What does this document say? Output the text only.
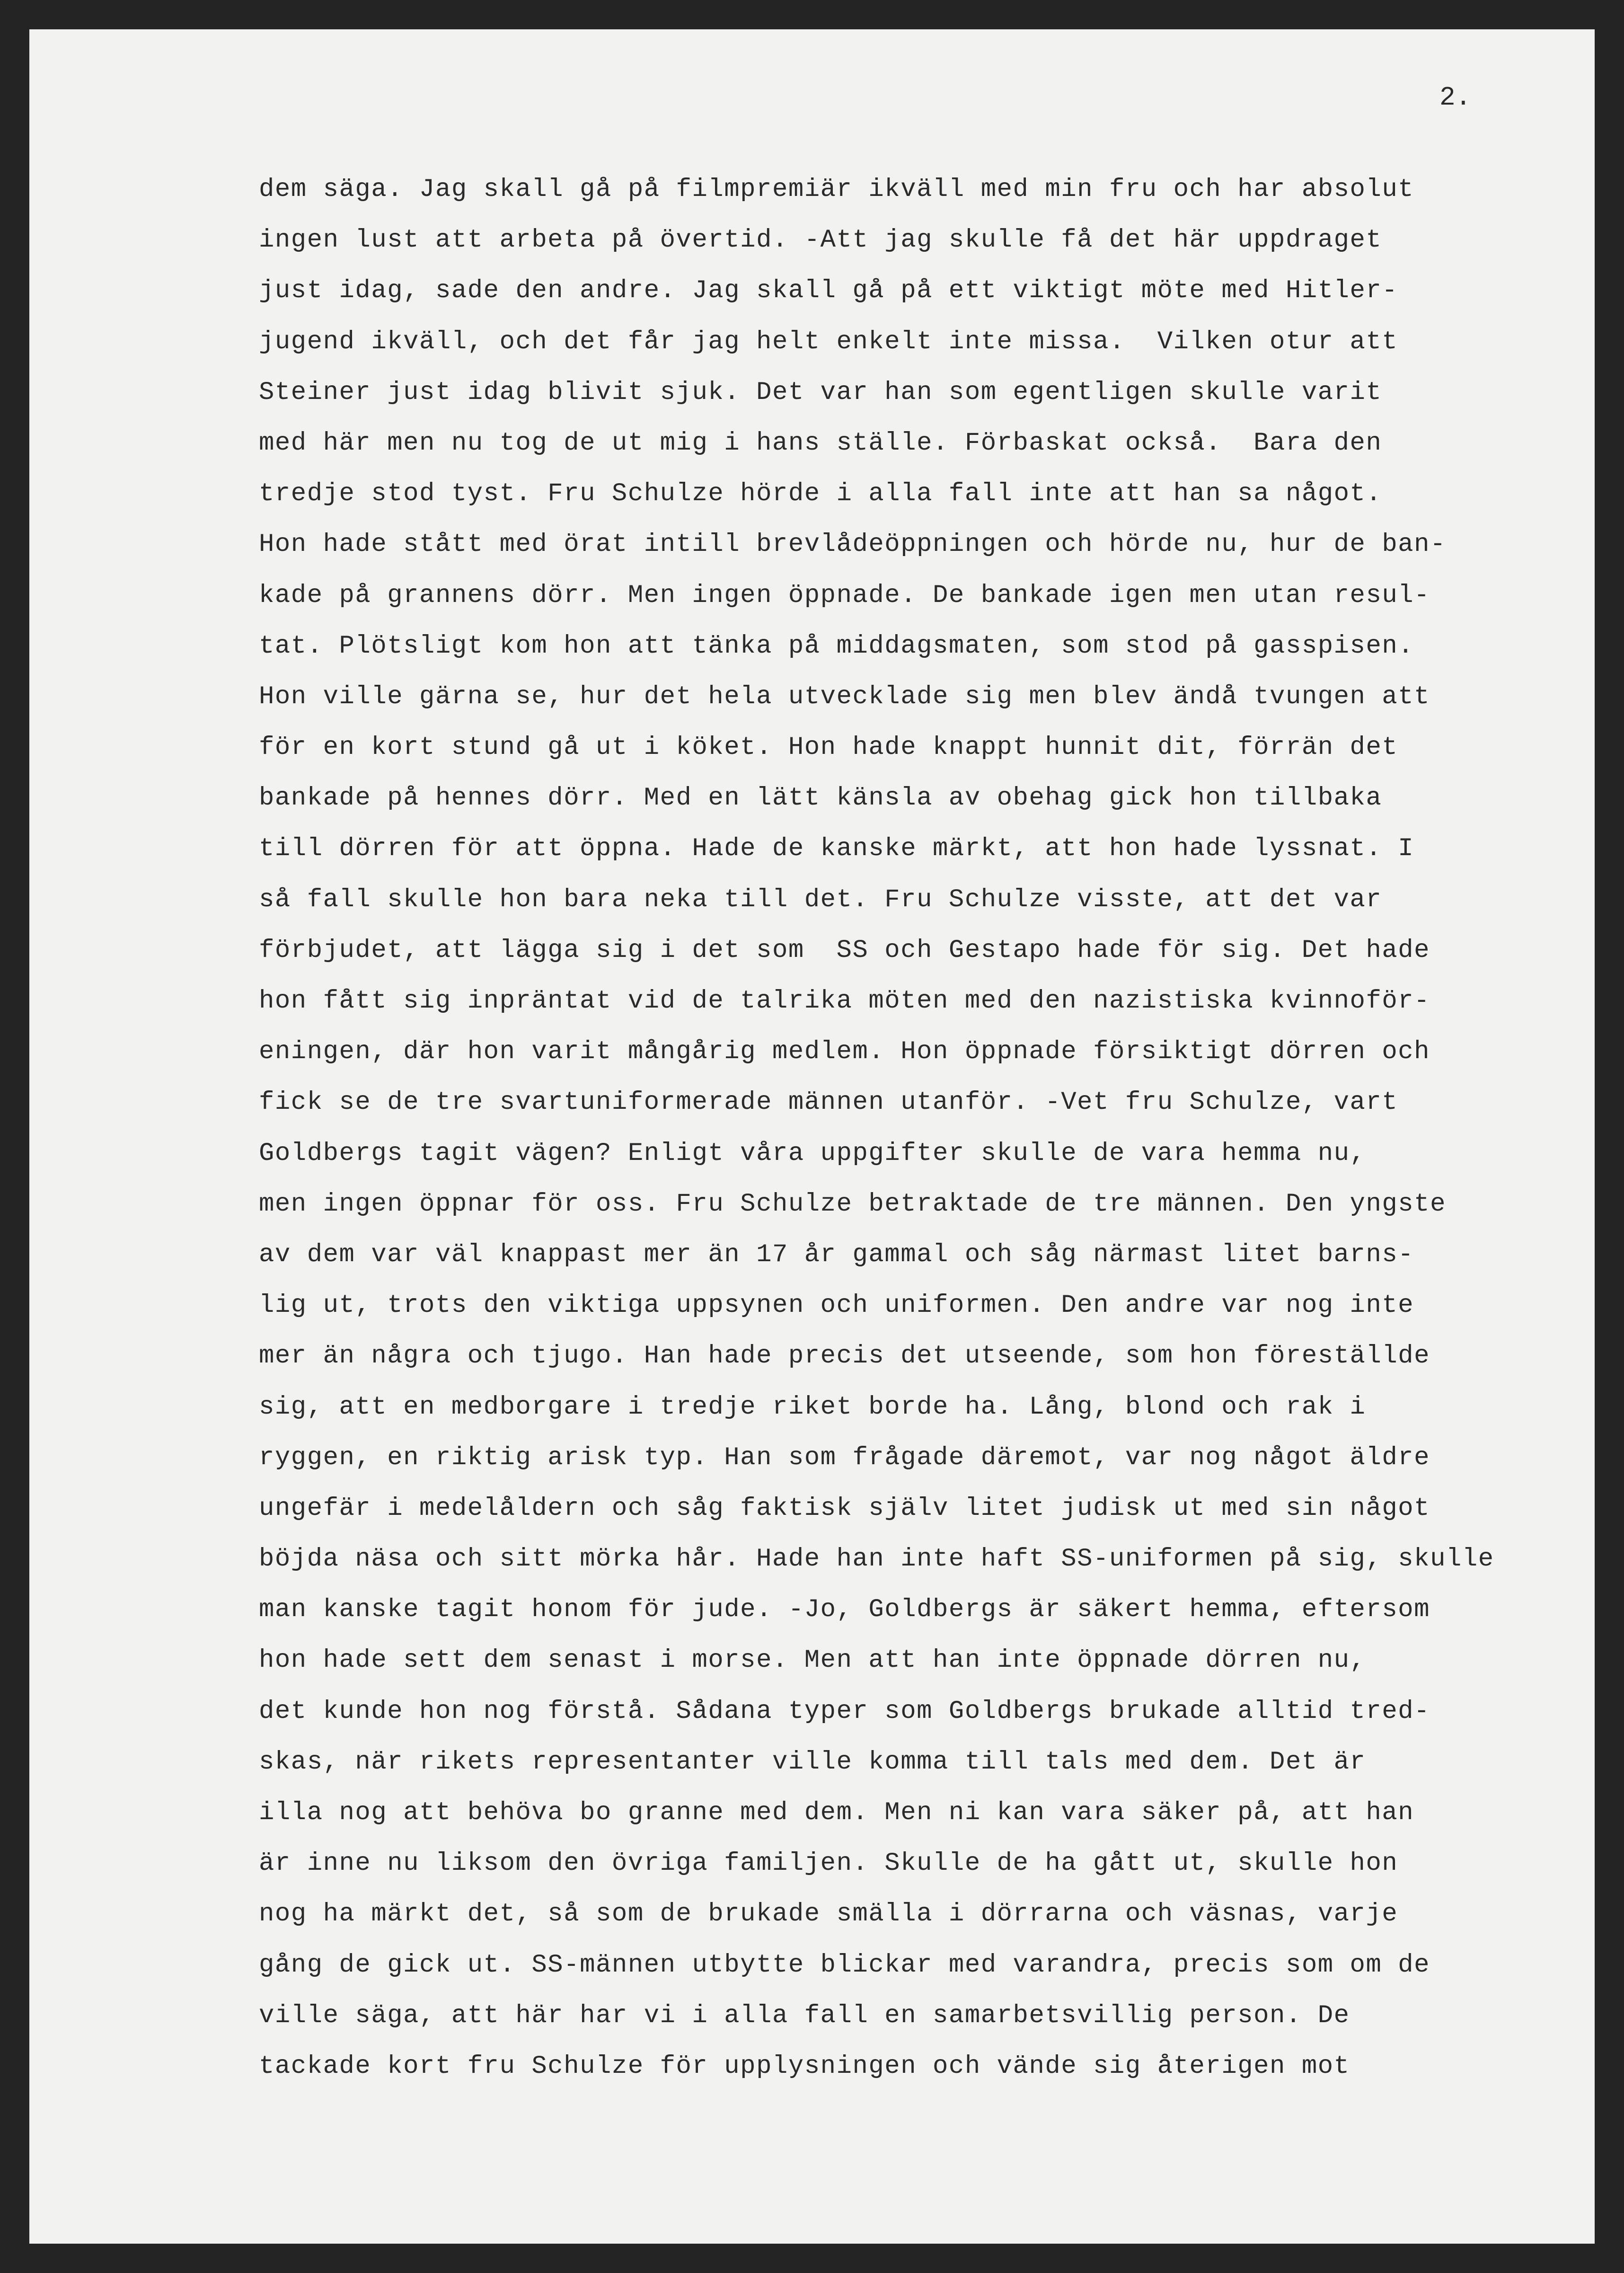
2.

dem säga. Jag skall gå på filmpremiär ikväll med min fru och har absolut

ingen lust att arbeta på övertid. -Att jag skulle få det här uppdraget

just idag, sade den andre. Jag skall gå på ett viktigt möte med Hitler-

jugend ikväll, och det får jag helt enkelt inte missa.  Vilken otur att

Steiner just idag blivit sjuk. Det var han som egentligen skulle varit

med här men nu tog de ut mig i hans ställe. Förbaskat också.  Bara den

tredje stod tyst. Fru Schulze hörde i alla fall inte att han sa något.

Hon hade stått med örat intill brevlådeöppningen och hörde nu, hur de ban-

kade på grannens dörr. Men ingen öppnade. De bankade igen men utan resul-

tat. Plötsligt kom hon att tänka på middagsmaten, som stod på gasspisen.

Hon ville gärna se, hur det hela utvecklade sig men blev ändå tvungen att

för en kort stund gå ut i köket. Hon hade knappt hunnit dit, förrän det

bankade på hennes dörr. Med en lätt känsla av obehag gick hon tillbaka

till dörren för att öppna. Hade de kanske märkt, att hon hade lyssnat. I

så fall skulle hon bara neka till det. Fru Schulze visste, att det var

förbjudet, att lägga sig i det som  SS och Gestapo hade för sig. Det hade

hon fått sig inpräntat vid de talrika möten med den nazistiska kvinnoför-

eningen, där hon varit mångårig medlem. Hon öppnade försiktigt dörren och

fick se de tre svartuniformerade männen utanför. -Vet fru Schulze, vart

Goldbergs tagit vägen? Enligt våra uppgifter skulle de vara hemma nu,

men ingen öppnar för oss. Fru Schulze betraktade de tre männen. Den yngste

av dem var väl knappast mer än 17 år gammal och såg närmast litet barns-

lig ut, trots den viktiga uppsynen och uniformen. Den andre var nog inte

mer än några och tjugo. Han hade precis det utseende, som hon föreställde

sig, att en medborgare i tredje riket borde ha. Lång, blond och rak i

ryggen, en riktig arisk typ. Han som frågade däremot, var nog något äldre

ungefär i medelåldern och såg faktisk själv litet judisk ut med sin något

böjda näsa och sitt mörka hår. Hade han inte haft SS-uniformen på sig, skulle

man kanske tagit honom för jude. -Jo, Goldbergs är säkert hemma, eftersom

hon hade sett dem senast i morse. Men att han inte öppnade dörren nu,

det kunde hon nog förstå. Sådana typer som Goldbergs brukade alltid tred-

skas, när rikets representanter ville komma till tals med dem. Det är

illa nog att behöva bo granne med dem. Men ni kan vara säker på, att han

är inne nu liksom den övriga familjen. Skulle de ha gått ut, skulle hon

nog ha märkt det, så som de brukade smälla i dörrarna och väsnas, varje

gång de gick ut. SS-männen utbytte blickar med varandra, precis som om de

ville säga, att här har vi i alla fall en samarbetsvillig person. De

tackade kort fru Schulze för upplysningen och vände sig återigen mot
